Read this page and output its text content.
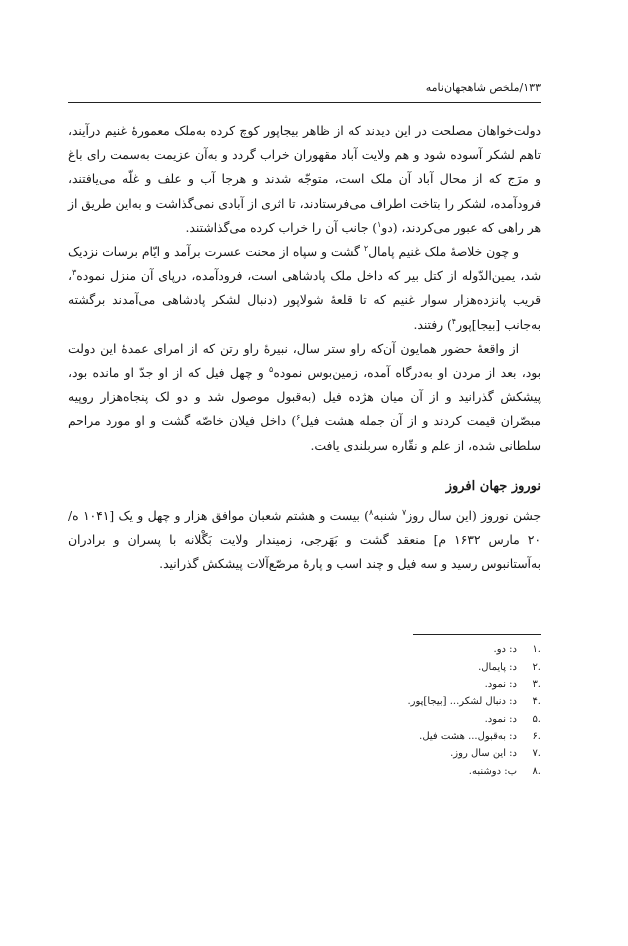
۱۳۳/ملخص شاهجهان‌نامه

دولت‌خواهان مصلحت در این دیدند که از ظاهر بیجاپور کوچ کرده به‌ملک معمورهٔ غنیم درآیند، تاهم لشکر آسوده شود و هم ولایت آباد مقهوران خراب گردد و به‌آن عزیمت به‌سمت رای باغ و مرَج که از محال آباد آن ملک است، متوجّه شدند و هرجا آب و علف و غلّه می‌یافتند، فرودآمده، لشکر را بتاخت اطراف می‌فرستادند، تا اثری از آبادی نمی‌گذاشت و به‌این طریق از هر راهی که عبور می‌کردند، (دو$^۱$) جانب آن را خراب کرده می‌گذاشتند.

و چون خلاصهٔ ملک غنیم پامال$^۲$ گشت و سپاه از محنت عسرت برآمد و ایّام برسات نزدیک شد، یمین‌الدّوله از کتل بیر که داخل ملک پادشاهی است، فرودآمده، درپای آن منزل نموده$^۳$، قریب پانزده‌هزار سوار غنیم که تا قلعهٔ شولاپور (دنبال لشکر پادشاهی می‌آمدند برگشته به‌جانب [بیجا]پور$^۴$) رفتند.

از واقعهٔ حضور همایون آن‌که راو ستر سال، نبیرهٔ راو رتن که از امرای عمدهٔ این دولت بود، بعد از مردن او به‌درگاه آمده، زمین‌بوس نموده$^۵$ و چهل فیل که از او جدّ او مانده بود، پیشکش گذرانید و از آن میان هژده فیل (به‌قبول موصول شد و دو لک پنجاه‌هزار روپیه مبصّران قیمت کردند و از آن جمله هشت فیل$^۶$) داخل فیلان خاصّه گشت و او مورد مراحم سلطانی شده، از علم و نقّاره سربلندی یافت.

نوروز جهان افروز

جشن نوروز (این سال روز$^۷$ شنبه$^۸$) بیست و هشتم شعبان موافق هزار و چهل و یک [۱۰۴۱ ه/۲۰ مارس ۱۶۳۲ م] منعقد گشت و بَهَرجی، زمیندار ولایت بَگْلانه با پسران و برادران به‌آستانبوس رسید و سه فیل و چند اسب و پارهٔ مرصّع‌آلات پیشکش گذرانید.

۱.
د: دو.
۲.
د: پایمال.
۳.
د: نمود.
۴.
د: دنبال لشکر... [بیجا]پور.
۵.
د: نمود.
۶.
د: به‌قبول... هشت فیل.
۷.
د: این سال روز.
۸.
ب: دوشنبه.
